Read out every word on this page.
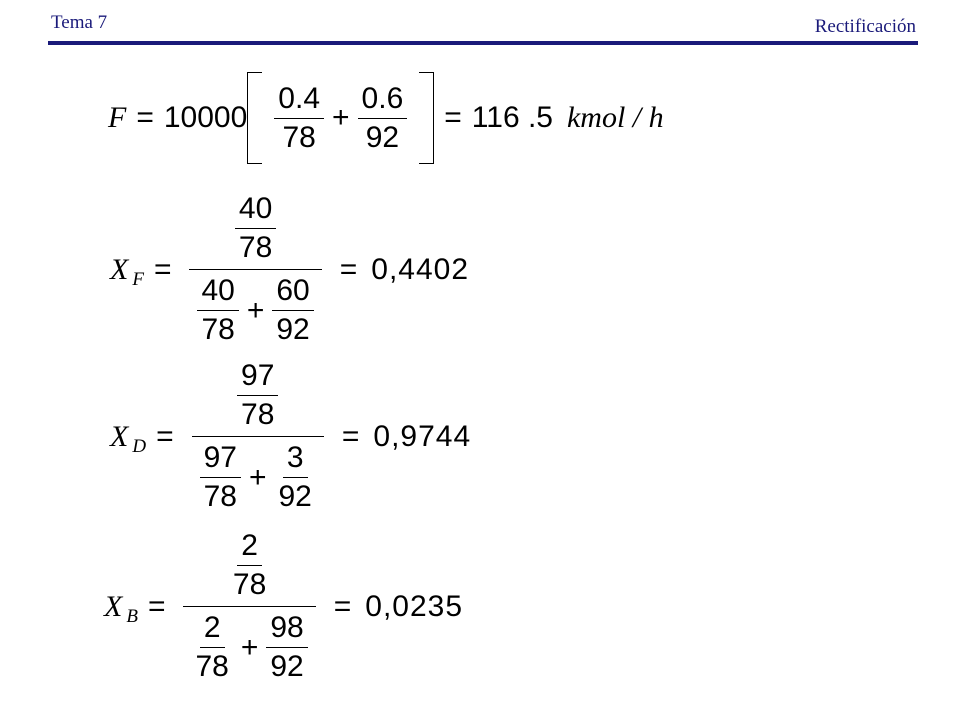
Tema 7	Rectificación
$F = 10000 \frac{0.4}{78} + \frac{0.6}{92} = 116$ .5 kmol / h
X $F = \frac{\frac{40}{78}}{\frac{40}{78} + \frac{60}{92}} = 0,4402$
X $D = \frac{\frac{97}{78}}{\frac{97}{78} + \frac{3}{92}} = 0,9744$
X $B = \frac{\frac{2}{78}}{\frac{2}{78} + \frac{98}{92}} = 0,0235$
